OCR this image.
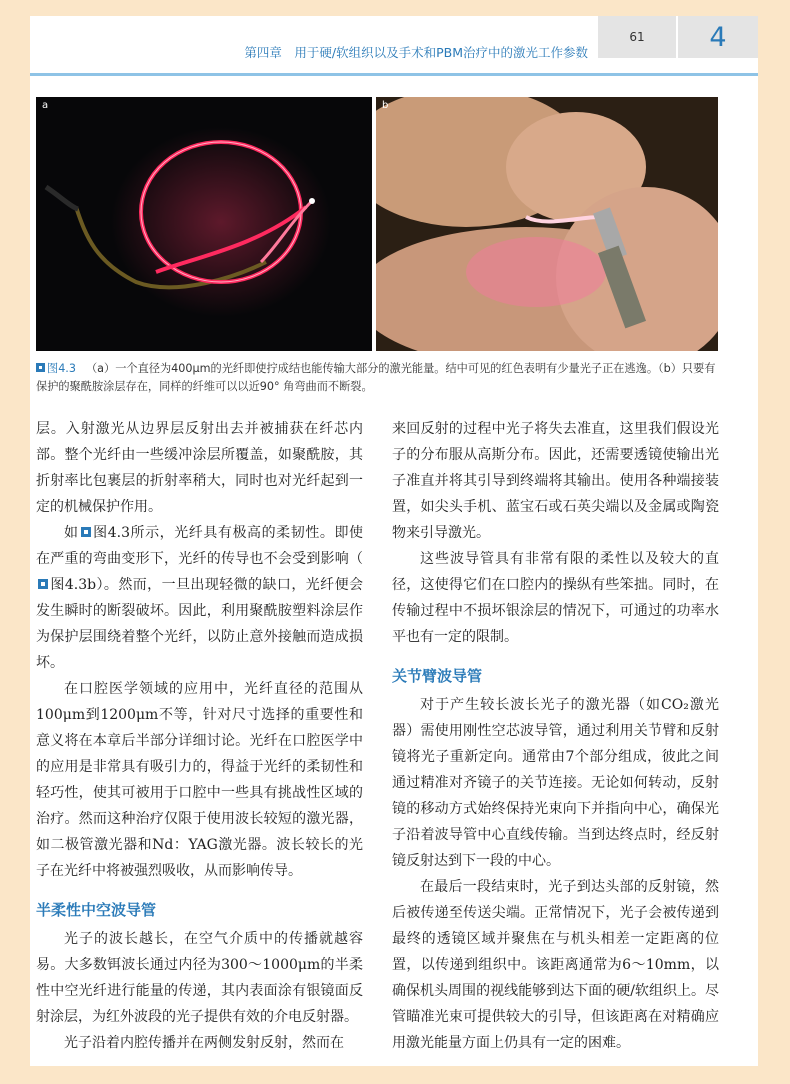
第四章　用于硬/软组织以及手术和PBM治疗中的激光工作参数
61	4
a	b
图4.3 （a）一个直径为400μm的光纤即使拧成结也能传输大部分的激光能量。结中可见的红色表明有少量光子正在逃逸。（b）只要有保护的聚酰胺涂层存在，同样的纤维可以以近90° 角弯曲而不断裂。

层。入射激光从边界层反射出去并被捕获在纤芯内部。整个光纤由一些缓冲涂层所覆盖，如聚酰胺，其折射率比包裹层的折射率稍大，同时也对光纤起到一定的机械保护作用。

如 图4.3所示，光纤具有极高的柔韧性。即使在严重的弯曲变形下，光纤的传导也不会受到影响（图4.3b）。然而，一旦出现轻微的缺口，光纤便会发生瞬时的断裂破坏。因此，利用聚酰胺塑料涂层作为保护层围绕着整个光纤，以防止意外接触而造成损坏。

在口腔医学领域的应用中，光纤直径的范围从100μm到1200μm不等，针对尺寸选择的重要性和意义将在本章后半部分详细讨论。光纤在口腔医学中的应用是非常具有吸引力的，得益于光纤的柔韧性和轻巧性，使其可被用于口腔中一些具有挑战性区域的治疗。然而这种治疗仅限于使用波长较短的激光器，如二极管激光器和Nd：YAG激光器。波长较长的光子在光纤中将被强烈吸收，从而影响传导。

半柔性中空波导管

光子的波长越长，在空气介质中的传播就越容易。大多数铒波长通过内径为300～1000μm的半柔性中空光纤进行能量的传递，其内表面涂有银镜面反射涂层，为红外波段的光子提供有效的介电反射器。

光子沿着内腔传播并在两侧发射反射，然而在

来回反射的过程中光子将失去准直，这里我们假设光子的分布服从高斯分布。因此，还需要透镜使输出光子准直并将其引导到终端将其输出。使用各种端接装置，如尖头手机、蓝宝石或石英尖端以及金属或陶瓷物来引导激光。

这些波导管具有非常有限的柔性以及较大的直径，这使得它们在口腔内的操纵有些笨拙。同时，在传输过程中不损坏银涂层的情况下，可通过的功率水平也有一定的限制。

关节臂波导管

对于产生较长波长光子的激光器（如CO₂激光器）需使用刚性空芯波导管，通过利用关节臂和反射镜将光子重新定向。通常由7个部分组成，彼此之间通过精准对齐镜子的关节连接。无论如何转动，反射镜的移动方式始终保持光束向下并指向中心，确保光子沿着波导管中心直线传输。当到达终点时，经反射镜反射达到下一段的中心。

在最后一段结束时，光子到达头部的反射镜，然后被传递至传送尖端。正常情况下，光子会被传递到最终的透镜区域并聚焦在与机头相差一定距离的位置，以传递到组织中。该距离通常为6～10mm，以确保机头周围的视线能够到达下面的硬/软组织上。尽管瞄准光束可提供较大的引导，但该距离在对精确应用激光能量方面上仍具有一定的困难。
